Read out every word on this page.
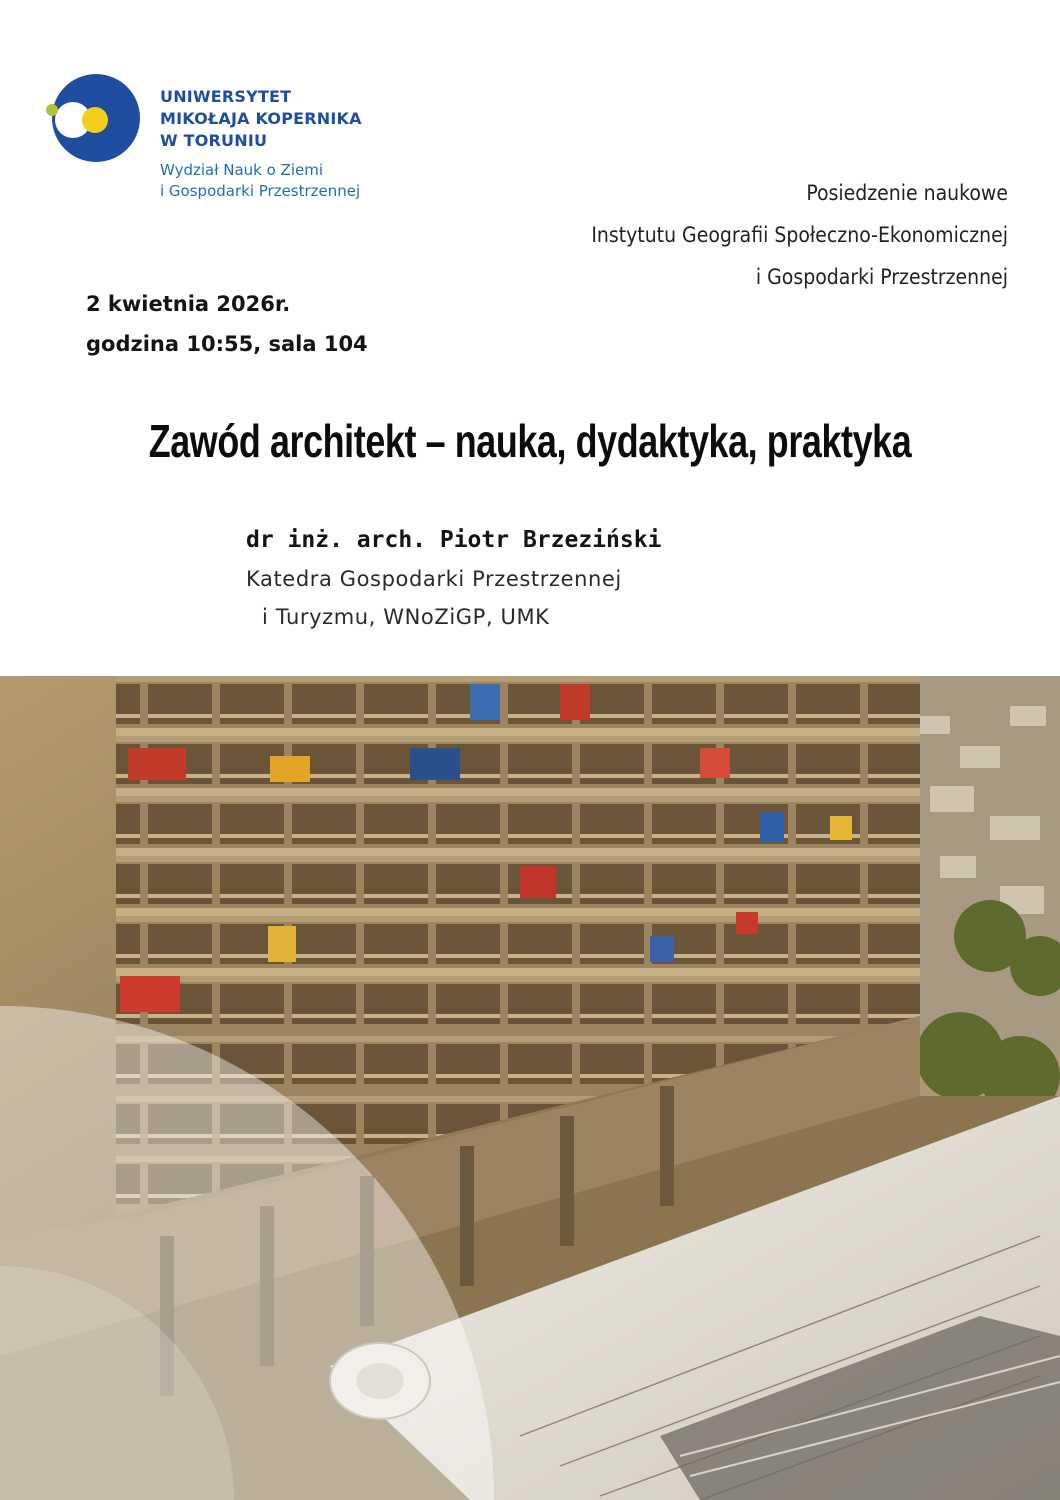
UNIWERSYTET
MIKOŁAJA KOPERNIKA
W TORUNIU
Wydział Nauk o Ziemi
i Gospodarki Przestrzennej	Posiedzenie naukowe
Instytutu Geografii Społeczno-Ekonomicznej
i Gospodarki Przestrzennej
2 kwietnia 2026r.
godzina 10:55, sala 104
Zawód architekt – nauka, dydaktyka, praktyka
dr inż. arch. Piotr Brzeziński
Katedra Gospodarki Przestrzennej
i Turyzmu, WNoZiGP, UMK
